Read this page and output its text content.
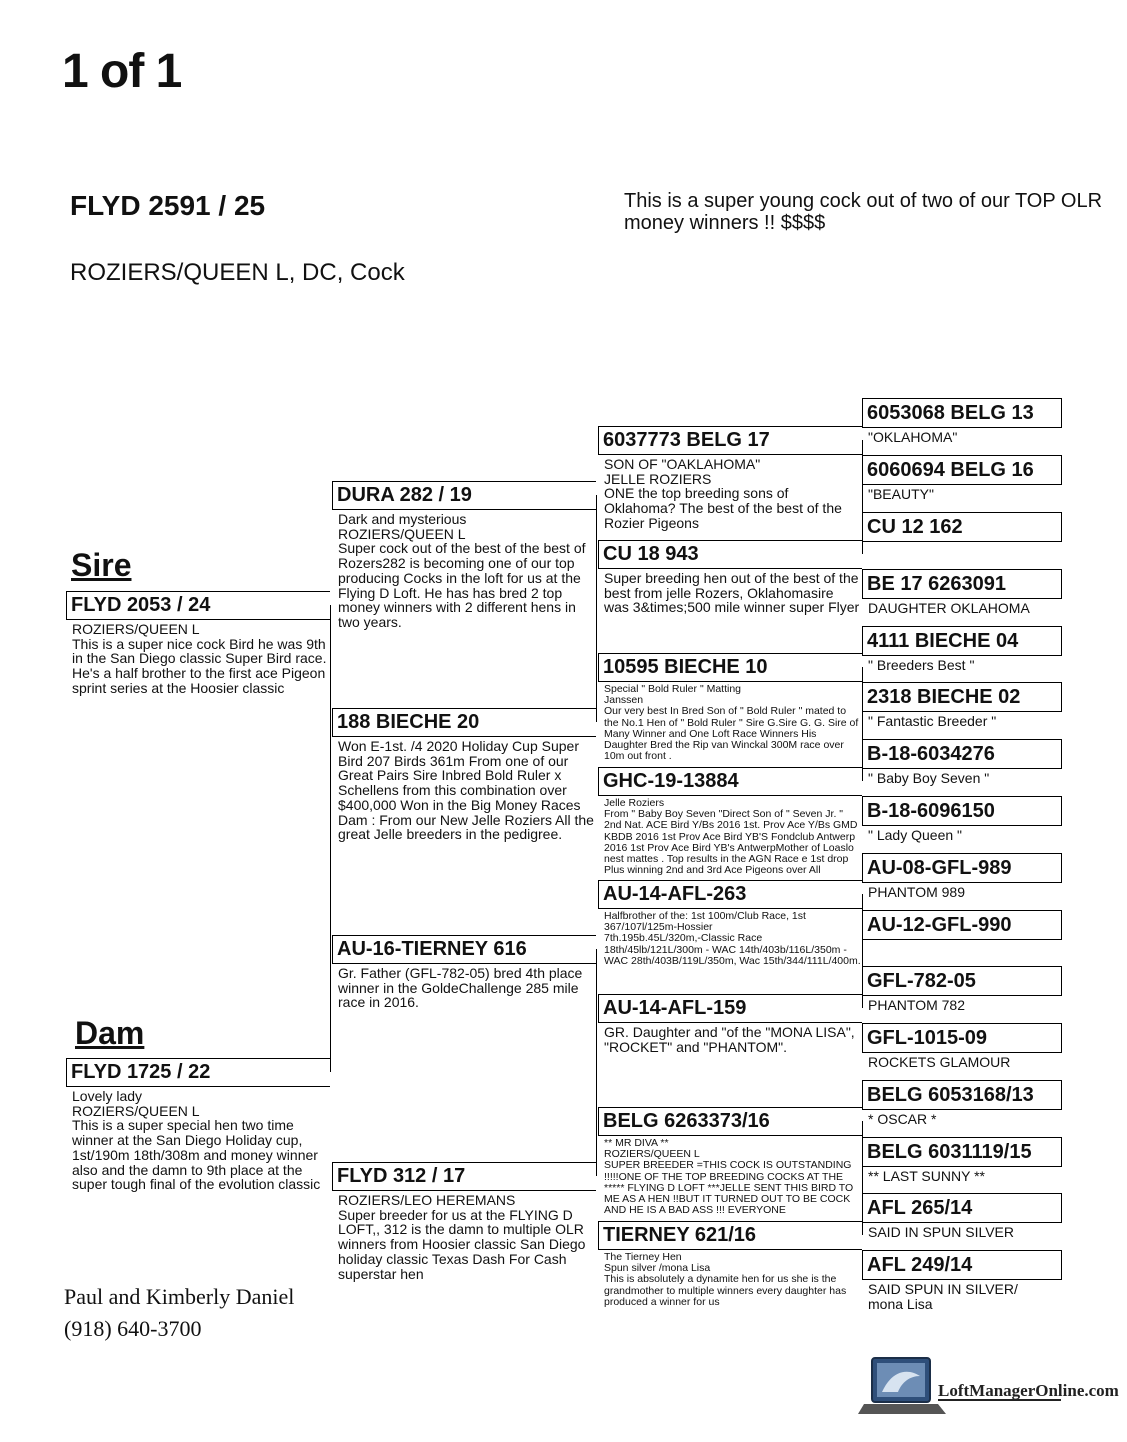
1 of 1
FLYD 2591 / 25
ROZIERS/QUEEN L, DC, Cock
This is a super young cock out of two of our TOP OLR money winners !! $$$$
Sire
Dam
FLYD 2053 / 24
ROZIERS/QUEEN L
This is a super nice cock Bird he was 9th in the San Diego classic Super Bird race. He's a half brother to the first ace Pigeon sprint series at the Hoosier classic
FLYD 1725 / 22
Lovely lady
ROZIERS/QUEEN L
This is a super special hen two time winner at the San Diego Holiday cup, 1st/190m 18th/308m and money winner also and the damn to 9th place at the super tough final of the evolution classic
DURA 282 / 19
Dark and mysterious
ROZIERS/QUEEN L
Super cock out of the best of the best of Rozers282 is becoming one of our top producing Cocks in the loft for us at the Flying D Loft. He has has bred 2 top money winners with 2 different hens in two years.
188 BIECHE 20
Won E-1st. /4 2020 Holiday Cup Super Bird 207 Birds 361m From one of our Great Pairs Sire Inbred Bold Ruler x Schellens from this combination over $400,000 Won in the Big Money Races Dam : From our New Jelle Roziers All the great Jelle breeders in the pedigree.
AU-16-TIERNEY 616
Gr. Father (GFL-782-05) bred 4th place winner in the GoldeChallenge 285 mile race in 2016.
FLYD 312 / 17
ROZIERS/LEO HEREMANS
Super breeder for us at the FLYING D LOFT,, 312 is the damn to multiple OLR winners from Hoosier classic San Diego holiday classic Texas Dash For Cash superstar hen
6037773 BELG 17
SON OF "OAKLAHOMA"
JELLE ROZIERS
ONE the top breeding sons of Oklahoma? The best of the best of the Rozier Pigeons
CU 18 943
Super breeding hen out of the best of the best from jelle Rozers, Oklahomasire was 3&times;500 mile winner super Flyer
10595 BIECHE 10
Special " Bold Ruler " Matting
Janssen
Our very best In Bred Son of " Bold Ruler " mated to the No.1 Hen of " Bold Ruler " Sire G.Sire G. G. Sire of Many Winner and One Loft Race Winners His Daughter Bred the Rip van Winckal 300M race over 10m out front .
GHC-19-13884
Jelle Roziers
From " Baby Boy Seven "Direct Son of " Seven Jr. " 2nd Nat. ACE Bird Y/Bs 2016 1st. Prov Ace Y/Bs GMD KBDB 2016 1st Prov Ace Bird YB'S Fondclub Antwerp 2016 1st Prov Ace Bird YB's AntwerpMother of Loaslo nest mattes . Top results in the AGN Race e 1st drop Plus winning 2nd and 3rd Ace Pigeons over All
AU-14-AFL-263
Halfbrother of the: 1st 100m/Club Race, 1st 367/107l/125m-Hossier
7th.195b.45L/320m,-Classic Race 18th/45lb/121L/300m - WAC 14th/403b/116L/350m - WAC 28th/403B/119L/350m, Wac 15th/344/111L/400m.
AU-14-AFL-159
GR. Daughter and "of the "MONA LISA", "ROCKET" and "PHANTOM".
BELG 6263373/16
** MR DIVA **
ROZIERS/QUEEN L
SUPER BREEDER =THIS COCK IS OUTSTANDING !!!!!ONE OF THE TOP BREEDING COCKS AT THE
***** FLYING D LOFT ***JELLE SENT THIS BIRD TO ME AS A HEN !!BUT IT TURNED OUT TO BE COCK AND HE IS A BAD ASS !!! EVERYONE
TIERNEY 621/16
The Tierney Hen
Spun silver /mona Lisa
This is absolutely a dynamite hen for us she is the grandmother to multiple winners every daughter has produced a winner for us
6053068 BELG 13
"OKLAHOMA"
6060694 BELG 16
"BEAUTY"
CU 12 162
BE 17 6263091
DAUGHTER OKLAHOMA
4111 BIECHE 04
" Breeders Best "
2318 BIECHE 02
" Fantastic Breeder "
B-18-6034276
" Baby Boy Seven "
B-18-6096150
" Lady Queen "
AU-08-GFL-989
PHANTOM 989
AU-12-GFL-990
GFL-782-05
PHANTOM 782
GFL-1015-09
ROCKETS GLAMOUR
BELG 6053168/13
* OSCAR *
BELG 6031119/15
** LAST SUNNY **
AFL 265/14
SAID IN SPUN SILVER
AFL 249/14
SAID SPUN IN SILVER/
mona Lisa
Paul and Kimberly Daniel
(918) 640-3700
LoftManagerOnline.com
